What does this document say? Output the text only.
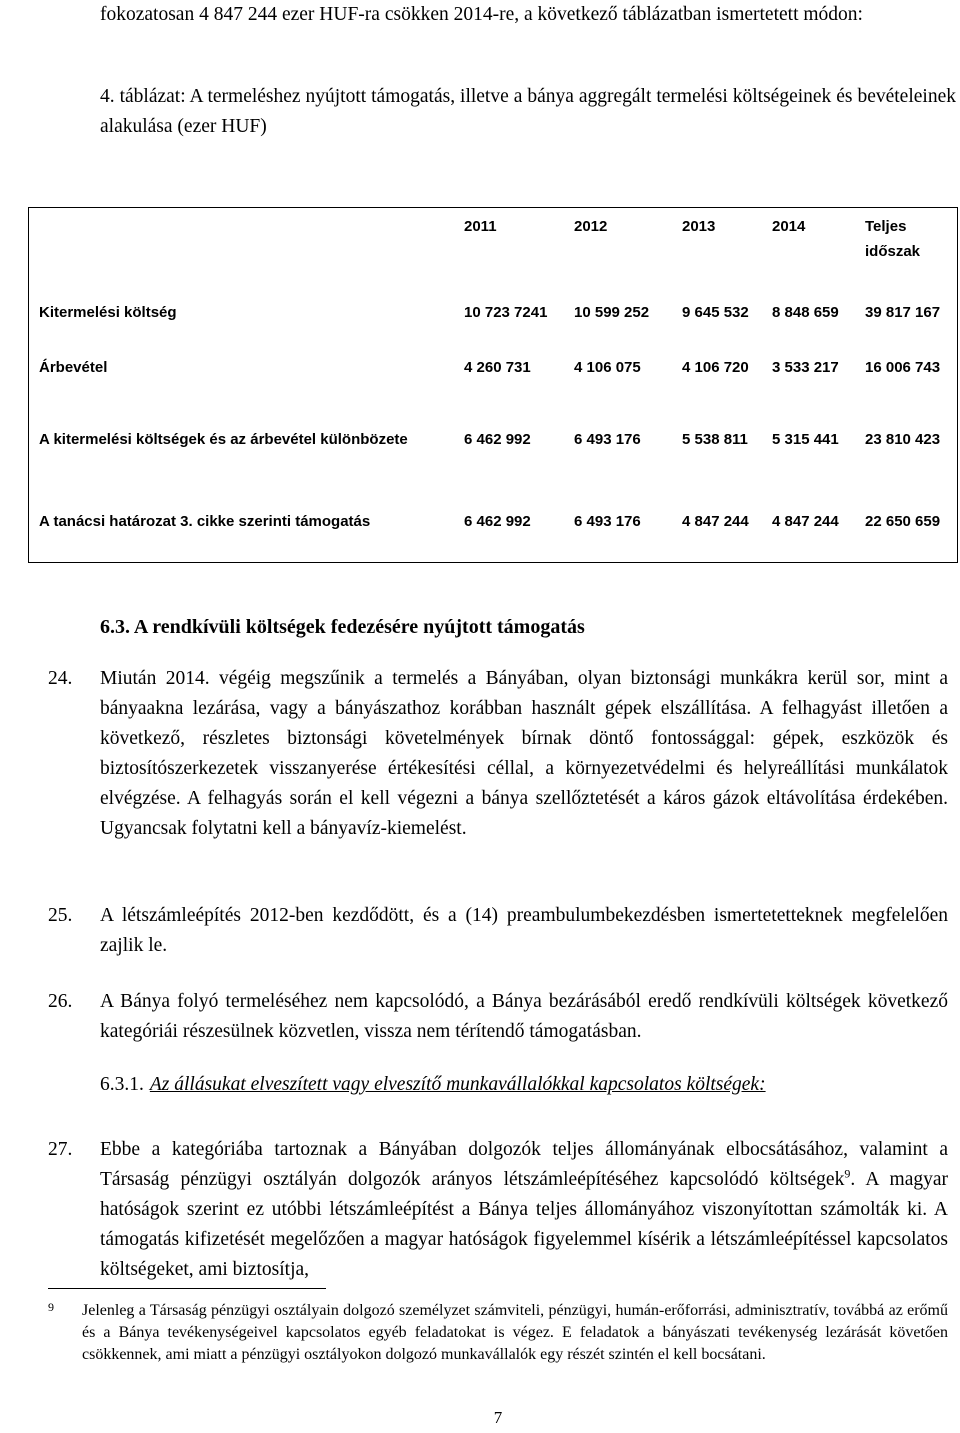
fokozatosan 4 847 244 ezer HUF-ra csökken 2014-re, a következő táblázatban ismertetett módon:
4. táblázat: A termeléshez nyújtott támogatás, illetve a bánya aggregált termelési költségeinek és bevételeinek alakulása (ezer HUF)
	2011	2012	2013	2014	Teljes időszak
Kitermelési költség	10 723 7241	10 599 252	9 645 532	8 848 659	39 817 167
Árbevétel	4 260 731	4 106 075	4 106 720	3 533 217	16 006 743
A kitermelési költségek és az árbevétel különbözete	6 462 992	6 493 176	5 538 811	5 315 441	23 810 423
A tanácsi határozat 3. cikke szerinti támogatás	6 462 992	6 493 176	4 847 244	4 847 244	22 650 659
6.3. A rendkívüli költségek fedezésére nyújtott támogatás
24. Miután 2014. végéig megszűnik a termelés a Bányában, olyan biztonsági munkákra kerül sor, mint a bányaakna lezárása, vagy a bányászathoz korábban használt gépek elszállítása. A felhagyást illetően a következő, részletes biztonsági követelmények bírnak döntő fontossággal: gépek, eszközök és biztosítószerkezetek visszanyerése értékesítési céllal, a környezetvédelmi és helyreállítási munkálatok elvégzése. A felhagyás során el kell végezni a bánya szellőztetését a káros gázok eltávolítása érdekében. Ugyancsak folytatni kell a bányavíz-kiemelést.
25. A létszámleépítés 2012-ben kezdődött, és a (14) preambulumbekezdésben ismertetetteknek megfelelően zajlik le.
26. A Bánya folyó termeléséhez nem kapcsolódó, a Bánya bezárásából eredő rendkívüli költségek következő kategóriái részesülnek közvetlen, vissza nem térítendő támogatásban.
6.3.1. Az állásukat elveszített vagy elveszítő munkavállalókkal kapcsolatos költségek:
27. Ebbe a kategóriába tartoznak a Bányában dolgozók teljes állományának elbocsátásához, valamint a Társaság pénzügyi osztályán dolgozók arányos létszámleépítéséhez kapcsolódó költségek$^9$. A magyar hatóságok szerint ez utóbbi létszámleépítést a Bánya teljes állományához viszonyítottan számolták ki. A támogatás kifizetését megelőzően a magyar hatóságok figyelemmel kísérik a létszámleépítéssel kapcsolatos költségeket, ami biztosítja,
9 Jelenleg a Társaság pénzügyi osztályain dolgozó személyzet számviteli, pénzügyi, humán-erőforrási, adminisztratív, továbbá az erőmű és a Bánya tevékenységeivel kapcsolatos egyéb feladatokat is végez. E feladatok a bányászati tevékenység lezárását követően csökkennek, ami miatt a pénzügyi osztályokon dolgozó munkavállalók egy részét szintén el kell bocsátani.
7
